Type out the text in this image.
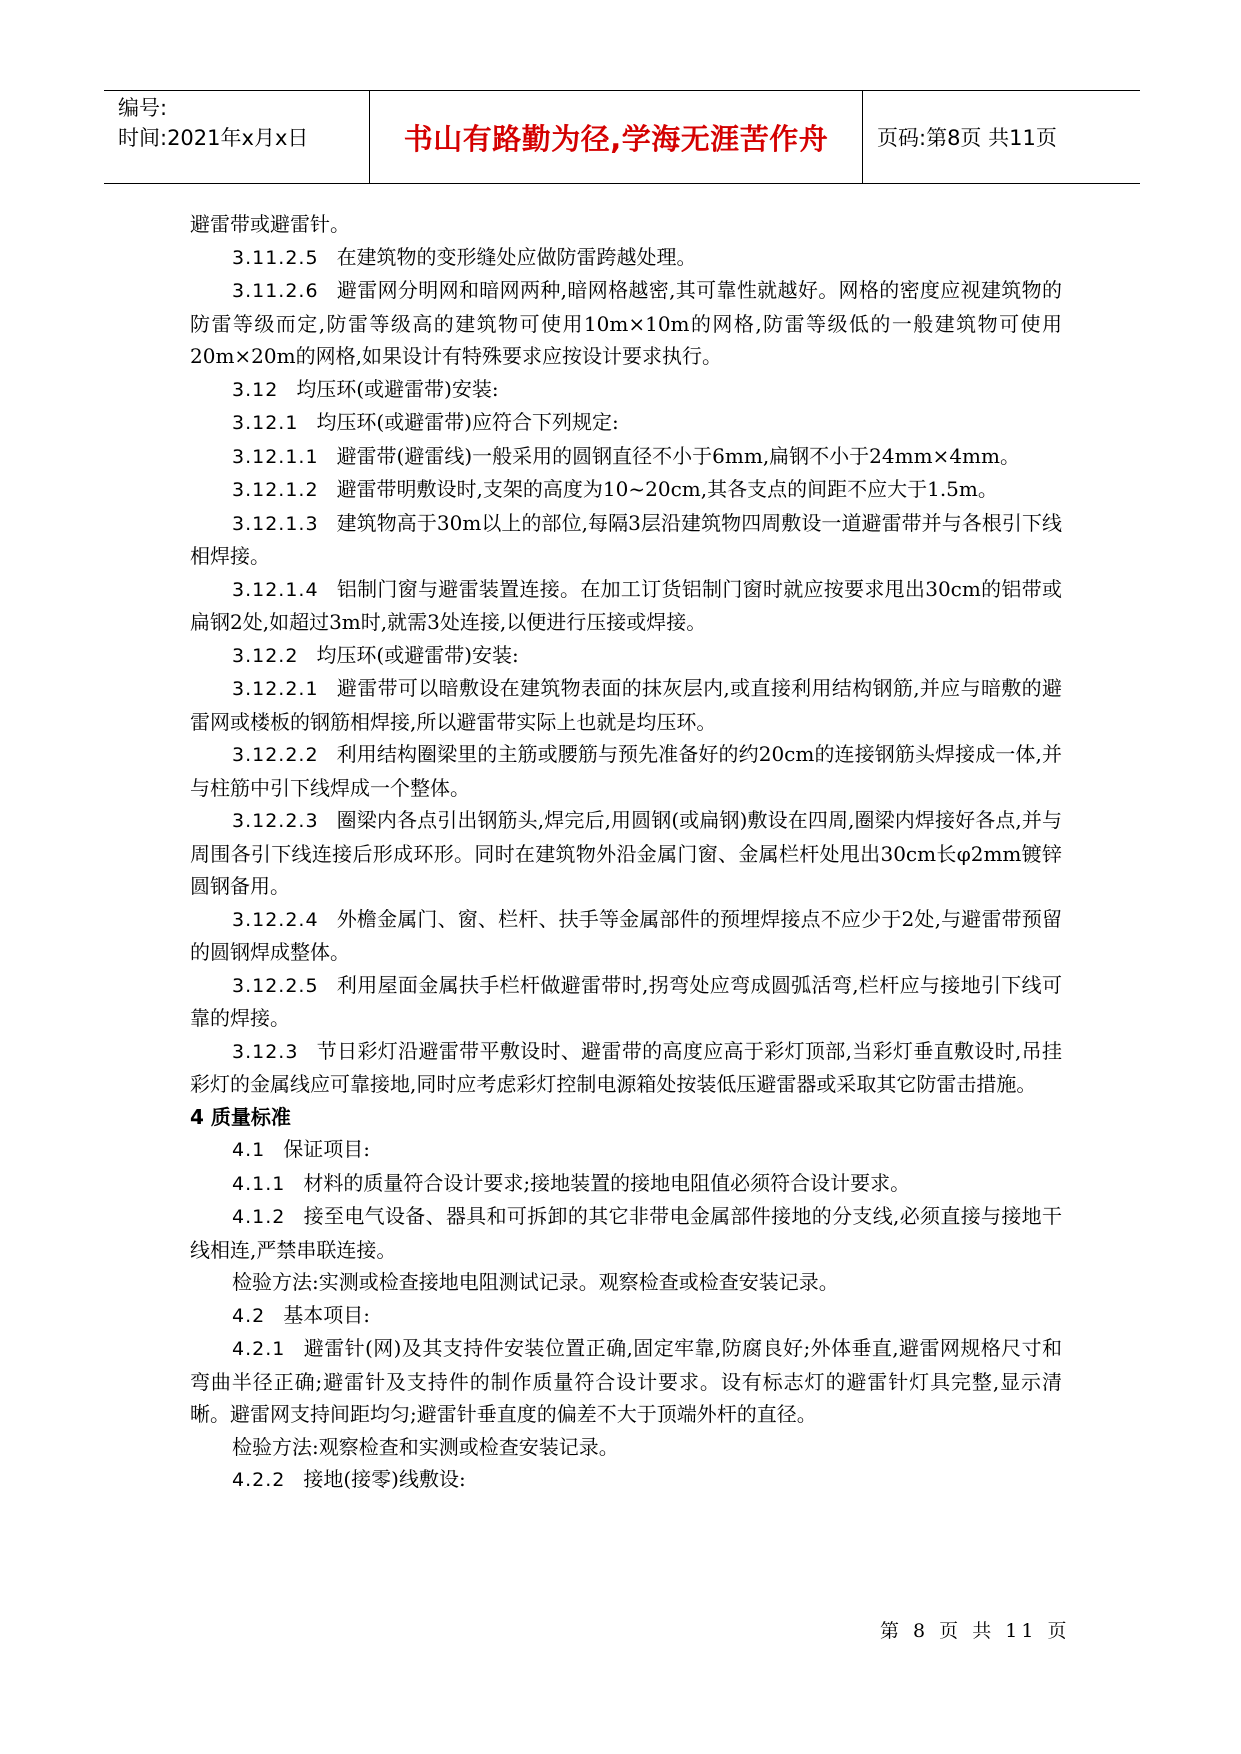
编号:
时间:2021年x月x日	书山有路勤为径,学海无涯苦作舟	页码:第8页 共11页

避雷带或避雷针。

3.11.2.5 在建筑物的变形缝处应做防雷跨越处理。

3.11.2.6 避雷网分明网和暗网两种,暗网格越密,其可靠性就越好。网格的密度应视建筑物的防雷等级而定,防雷等级高的建筑物可使用10m×10m的网格,防雷等级低的一般建筑物可使用20m×20m的网格,如果设计有特殊要求应按设计要求执行。

3.12 均压环(或避雷带)安装:

3.12.1 均压环(或避雷带)应符合下列规定:

3.12.1.1 避雷带(避雷线)一般采用的圆钢直径不小于6mm,扁钢不小于24mm×4mm。

3.12.1.2 避雷带明敷设时,支架的高度为10~20cm,其各支点的间距不应大于1.5m。

3.12.1.3 建筑物高于30m以上的部位,每隔3层沿建筑物四周敷设一道避雷带并与各根引下线相焊接。

3.12.1.4 铝制门窗与避雷装置连接。在加工订货铝制门窗时就应按要求甩出30cm的铝带或扁钢2处,如超过3m时,就需3处连接,以便进行压接或焊接。

3.12.2 均压环(或避雷带)安装:

3.12.2.1 避雷带可以暗敷设在建筑物表面的抹灰层内,或直接利用结构钢筋,并应与暗敷的避雷网或楼板的钢筋相焊接,所以避雷带实际上也就是均压环。

3.12.2.2 利用结构圈梁里的主筋或腰筋与预先准备好的约20cm的连接钢筋头焊接成一体,并与柱筋中引下线焊成一个整体。

3.12.2.3 圈梁内各点引出钢筋头,焊完后,用圆钢(或扁钢)敷设在四周,圈梁内焊接好各点,并与周围各引下线连接后形成环形。同时在建筑物外沿金属门窗、金属栏杆处甩出30cm长φ2mm镀锌圆钢备用。

3.12.2.4 外檐金属门、窗、栏杆、扶手等金属部件的预埋焊接点不应少于2处,与避雷带预留的圆钢焊成整体。

3.12.2.5 利用屋面金属扶手栏杆做避雷带时,拐弯处应弯成圆弧活弯,栏杆应与接地引下线可靠的焊接。

3.12.3 节日彩灯沿避雷带平敷设时、避雷带的高度应高于彩灯顶部,当彩灯垂直敷设时,吊挂彩灯的金属线应可靠接地,同时应考虑彩灯控制电源箱处按装低压避雷器或采取其它防雷击措施。

4 质量标准

4.1 保证项目:

4.1.1 材料的质量符合设计要求;接地装置的接地电阻值必须符合设计要求。

4.1.2 接至电气设备、器具和可拆卸的其它非带电金属部件接地的分支线,必须直接与接地干线相连,严禁串联连接。

检验方法:实测或检查接地电阻测试记录。观察检查或检查安装记录。

4.2 基本项目:

4.2.1 避雷针(网)及其支持件安装位置正确,固定牢靠,防腐良好;外体垂直,避雷网规格尺寸和弯曲半径正确;避雷针及支持件的制作质量符合设计要求。设有标志灯的避雷针灯具完整,显示清晰。避雷网支持间距均匀;避雷针垂直度的偏差不大于顶端外杆的直径。

检验方法:观察检查和实测或检查安装记录。

4.2.2 接地(接零)线敷设:

第 8 页 共 11 页
